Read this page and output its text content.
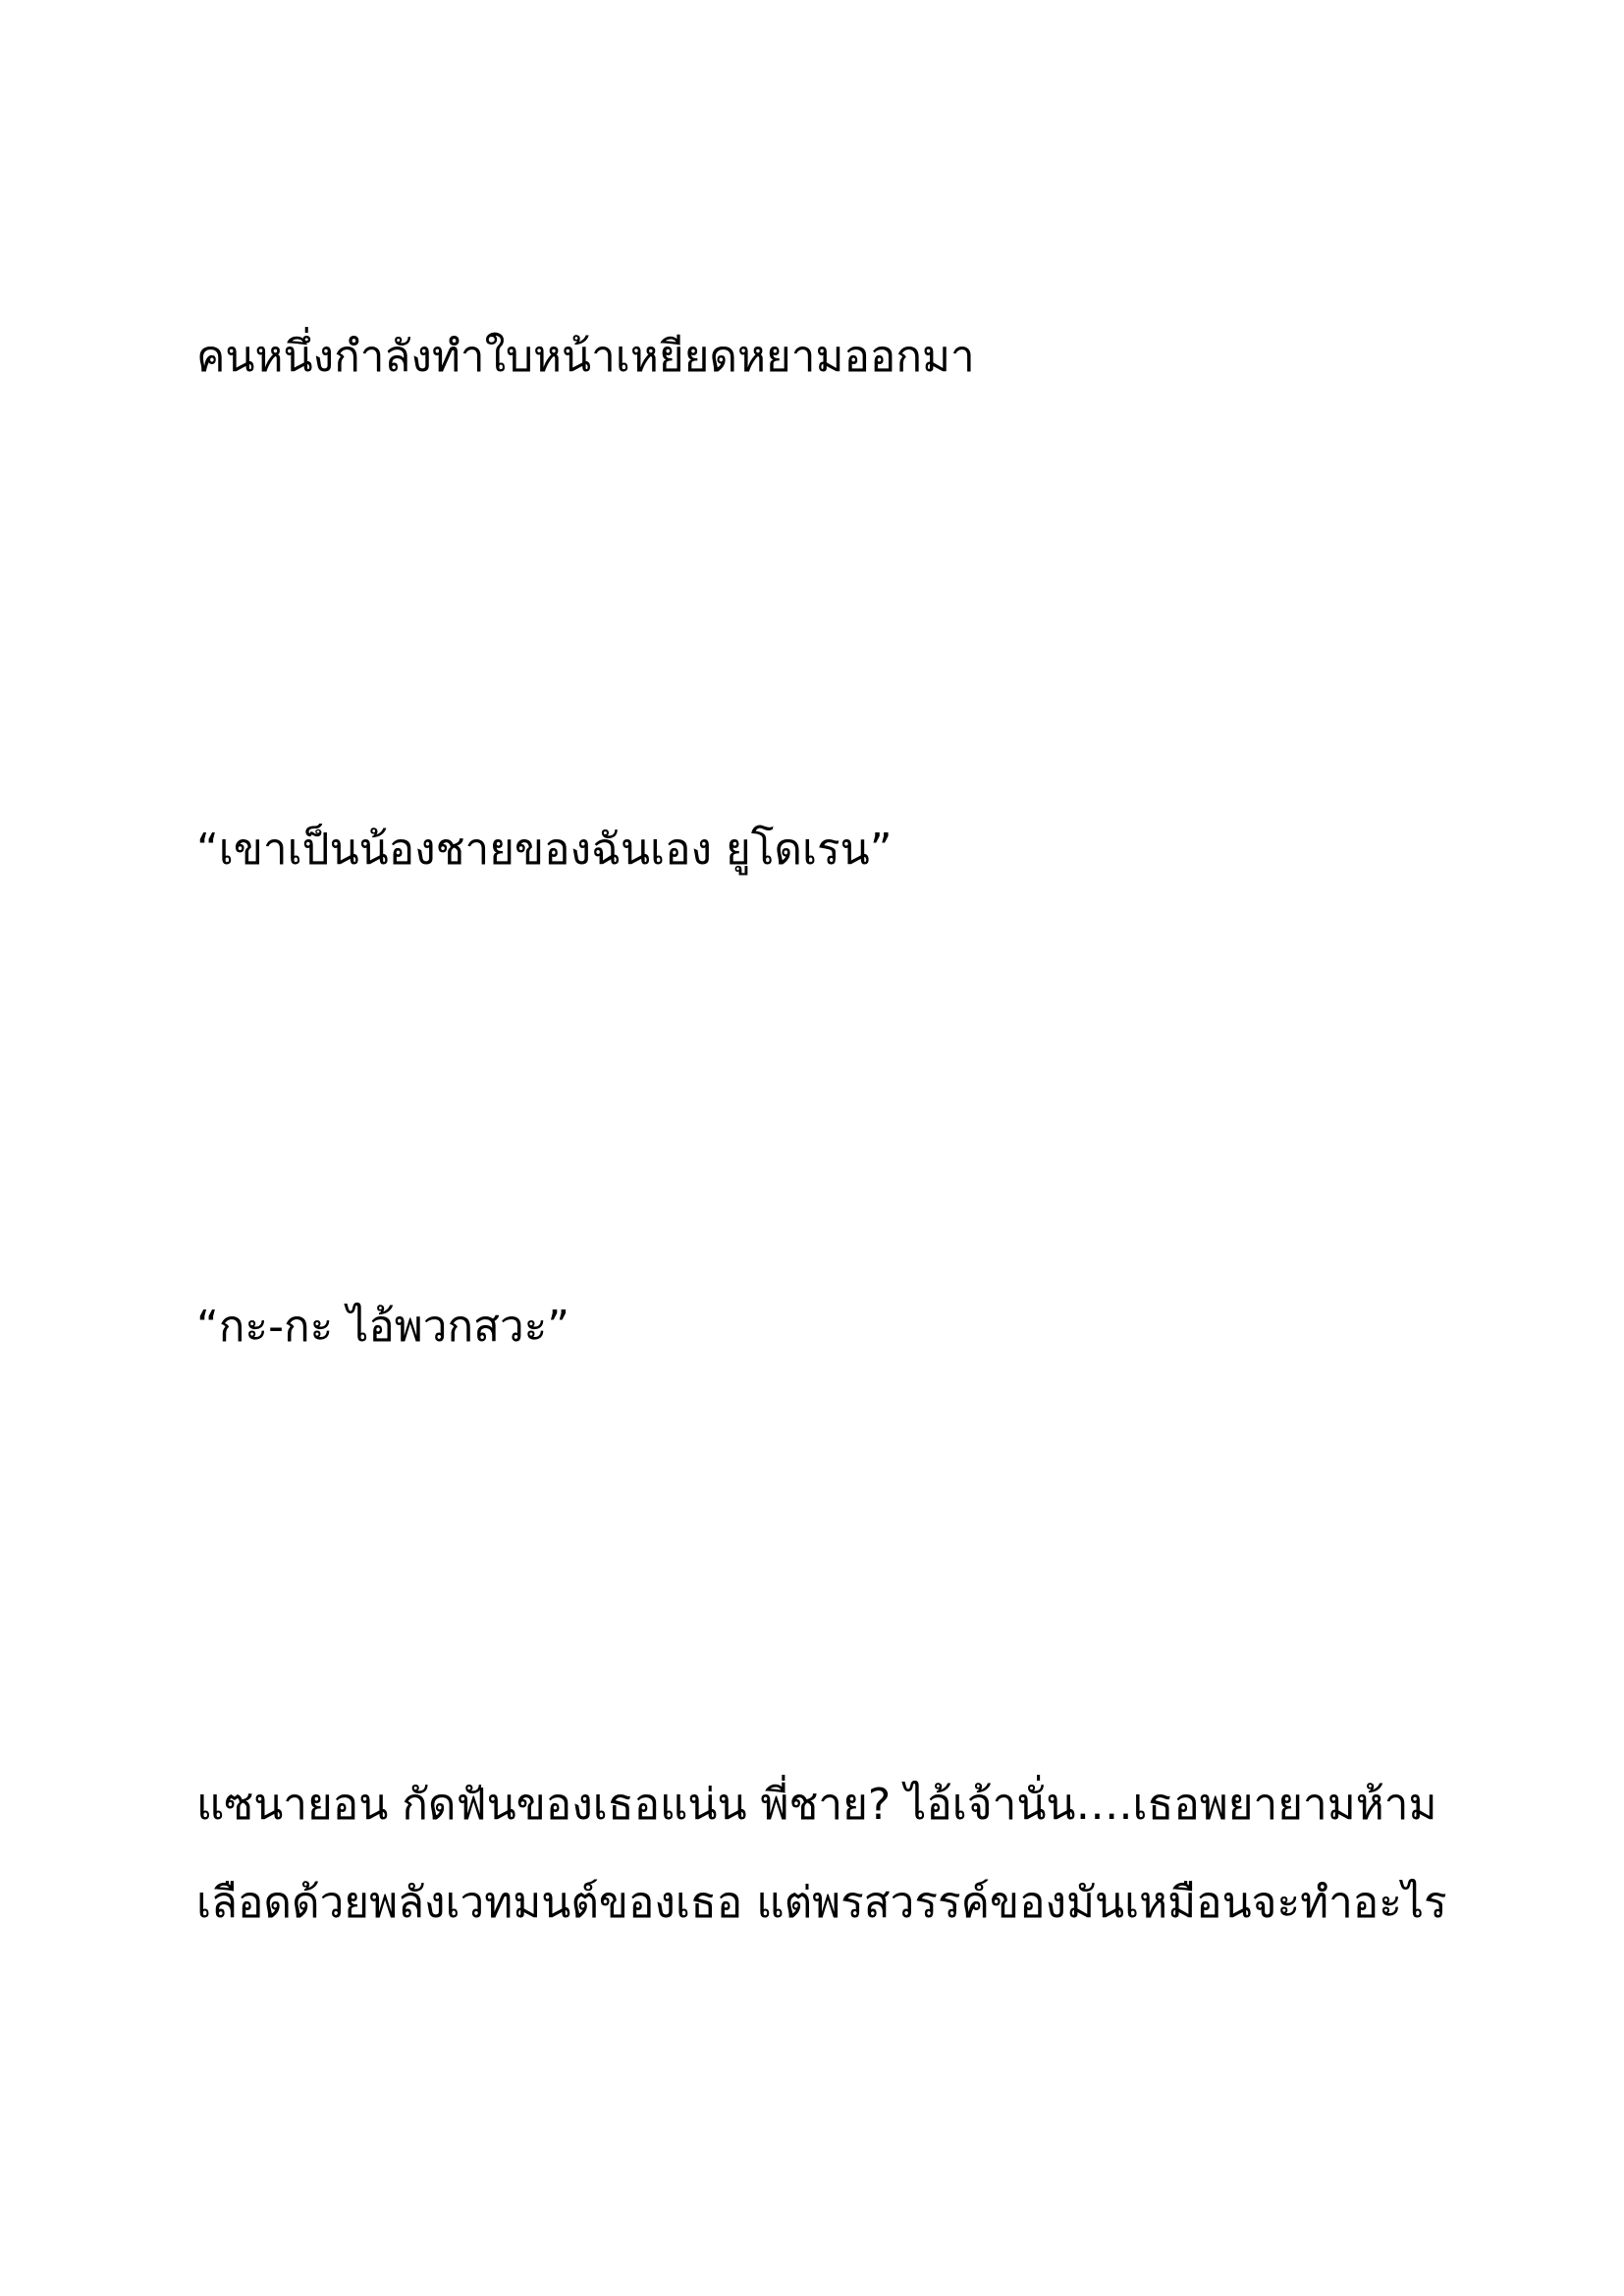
คนหนึ่งกำลังทำใบหน้าเหยียดหยามออกมา
“เขาเป็นน้องชายของฉันเอง ยูโดเรน”
“กะ-กะ ไอ้พวกสวะ”
แซนายอน กัดฟันของเธอแน่น พี่ชาย? ไอ้เจ้านั่น….เธอพยายามห้าม
เลือดด้วยพลังเวทมนต์ของเธอ แต่พรสวรรค์ของมันเหมือนจะทำอะไร
